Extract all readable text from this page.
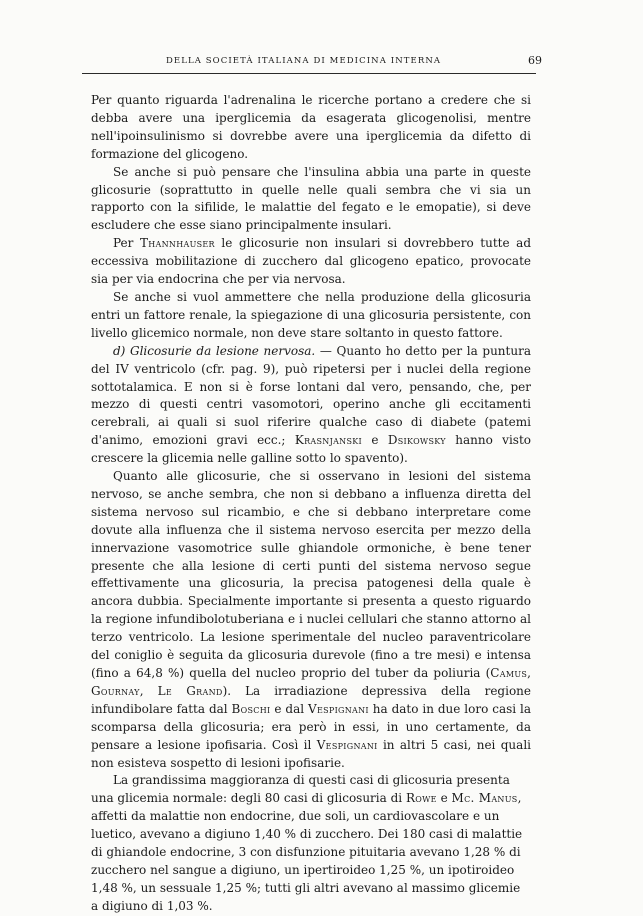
DELLA SOCIETÀ ITALIANA DI MEDICINA INTERNA	69

Per quanto riguarda l'adrenalina le ricerche portano a credere che si debba avere una iperglicemia da esagerata glicogenolisi, mentre nell'ipoinsulinismo si dovrebbe avere una iperglicemia da difetto di formazione del glicogeno.

Se anche si può pensare che l'insulina abbia una parte in queste glicosurie (soprattutto in quelle nelle quali sembra che vi sia un rapporto con la sifilide, le malattie del fegato e le emopatie), si deve escludere che esse siano principalmente insulari.

Per Thannhauser le glicosurie non insulari si dovrebbero tutte ad eccessiva mobilitazione di zucchero dal glicogeno epatico, provocate sia per via endocrina che per via nervosa.

Se anche si vuol ammettere che nella produzione della glicosuria entri un fattore renale, la spiegazione di una glicosuria persistente, con livello glicemico normale, non deve stare soltanto in questo fattore.

d) Glicosurie da lesione nervosa. — Quanto ho detto per la puntura del IV ventricolo (cfr. pag. 9), può ripetersi per i nuclei della regione sottotalamica. E non si è forse lontani dal vero, pensando, che, per mezzo di questi centri vasomotori, operino anche gli eccitamenti cerebrali, ai quali si suol riferire qualche caso di diabete (patemi d'animo, emozioni gravi ecc.; Krasnjanski e Dsikowsky hanno visto crescere la glicemia nelle galline sotto lo spavento).

Quanto alle glicosurie, che si osservano in lesioni del sistema nervoso, se anche sembra, che non si debbano a influenza diretta del sistema nervoso sul ricambio, e che si debbano interpretare come dovute alla influenza che il sistema nervoso esercita per mezzo della innervazione vasomotrice sulle ghiandole ormoniche, è bene tener presente che alla lesione di certi punti del sistema nervoso segue effettivamente una glicosuria, la precisa patogenesi della quale è ancora dubbia. Specialmente importante si presenta a questo riguardo la regione infundibolotuberiana e i nuclei cellulari che stanno attorno al terzo ventricolo. La lesione sperimentale del nucleo paraventricolare del coniglio è seguita da glicosuria durevole (fino a tre mesi) e intensa (fino a 64,8 %) quella del nucleo proprio del tuber da poliuria (Camus, Gournay, Le Grand). La irradiazione depressiva della regione infundibolare fatta dal Boschi e dal Vespignani ha dato in due loro casi la scomparsa della glicosuria; era però in essi, in uno certamente, da pensare a lesione ipofisaria. Così il Vespignani in altri 5 casi, nei quali non esisteva sospetto di lesioni ipofisarie.

La grandissima maggioranza di questi casi di glicosuria presenta una glicemia normale: degli 80 casi di glicosuria di Rowe e Mc. Manus, affetti da malattie non endocrine, due soli, un cardiovascolare e un luetico, avevano a digiuno 1,40 % di zucchero. Dei 180 casi di malattie di ghiandole endocrine, 3 con disfunzione pituitaria avevano 1,28 % di zucchero nel sangue a digiuno, un ipertiroideo 1,25 %, un ipotiroideo 1,48 %, un sessuale 1,25 %; tutti gli altri avevano al massimo glicemie a digiuno di 1,03 %.
